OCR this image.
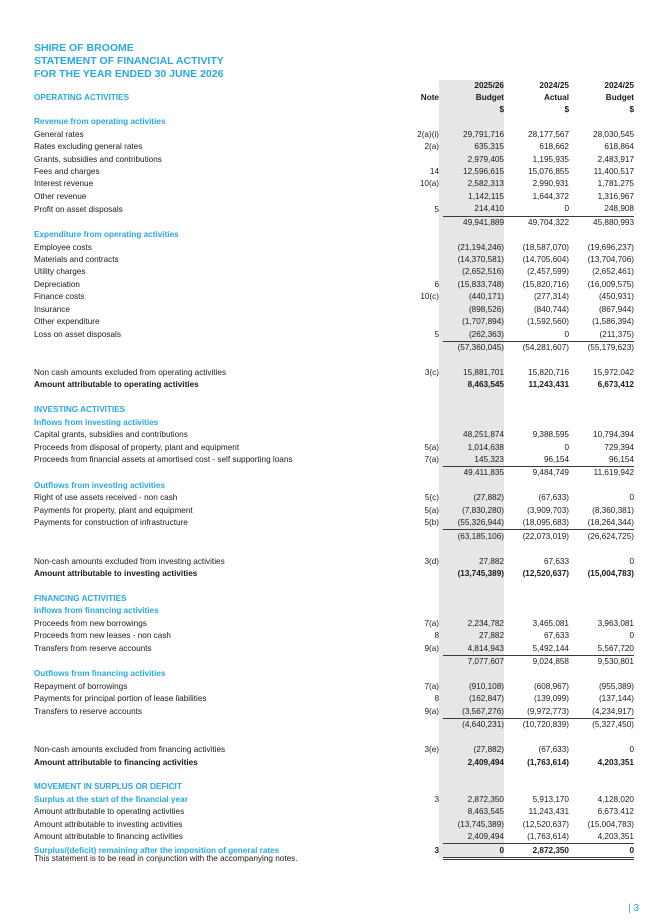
SHIRE OF BROOME
STATEMENT OF FINANCIAL ACTIVITY
FOR THE YEAR ENDED 30 JUNE 2026
			2025/26	2024/25	2024/25
OPERATING ACTIVITIES	Note		Budget	Actual	Budget
			$	$	$
Revenue from operating activities					
General rates	2(a)(i)		29,791,716	28,177,567	28,030,545
Rates excluding general rates	2(a)		635,315	618,662	618,864
Grants, subsidies and contributions			2,979,405	1,195,935	2,483,917
Fees and charges	14		12,596,615	15,076,855	11,400,517
Interest revenue	10(a)		2,582,313	2,990,931	1,781,275
Other revenue			1,142,115	1,644,372	1,316,967
Profit on asset disposals	5		214,410	0	248,908
			49,941,889	49,704,322	45,880,993
Expenditure from operating activities					
Employee costs			(21,194,246)	(18,587,070)	(19,696,237)
Materials and contracts			(14,370,581)	(14,705,604)	(13,704,706)
Utility charges			(2,652,516)	(2,457,599)	(2,652,461)
Depreciation	6		(15,833,748)	(15,820,716)	(16,009,575)
Finance costs	10(c)		(440,171)	(277,314)	(450,931)
Insurance			(898,526)	(840,744)	(867,944)
Other expenditure			(1,707,894)	(1,592,560)	(1,586,394)
Loss on asset disposals	5		(262,363)	0	(211,375)
			(57,360,045)	(54,281,607)	(55,179,623)

Non cash amounts excluded from operating activities	3(c)		15,881,701	15,820,716	15,972,042
Amount attributable to operating activities			8,463,545	11,243,431	6,673,412

INVESTING ACTIVITIES					
Inflows from investing activities					
Capital grants, subsidies and contributions			48,251,874	9,388,595	10,794,394
Proceeds from disposal of property, plant and equipment	5(a)		1,014,638	0	729,394
Proceeds from financial assets at amortised cost - self supporting loans	7(a)		145,323	96,154	96,154
			49,411,835	9,484,749	11,619,942
Outflows from investing activities					
Right of use assets received - non cash	5(c)		(27,882)	(67,633)	0
Payments for property, plant and equipment	5(a)		(7,830,280)	(3,909,703)	(8,360,381)
Payments for construction of infrastructure	5(b)		(55,326,944)	(18,095,683)	(18,264,344)
			(63,185,106)	(22,073,019)	(26,624,725)

Non-cash amounts excluded from investing activities	3(d)		27,882	67,633	0
Amount attributable to investing activities			(13,745,389)	(12,520,637)	(15,004,783)

FINANCING ACTIVITIES					
Inflows from financing activities					
Proceeds from new borrowings	7(a)		2,234,782	3,465,081	3,963,081
Proceeds from new leases - non cash	8		27,882	67,633	0
Transfers from reserve accounts	9(a)		4,814,943	5,492,144	5,567,720
			7,077,607	9,024,858	9,530,801
Outflows from financing activities					
Repayment of borrowings	7(a)		(910,108)	(608,967)	(955,389)
Payments for principal portion of lease liabilities	8		(162,847)	(139,099)	(137,144)
Transfers to reserve accounts	9(a)		(3,567,276)	(9,972,773)	(4,234,917)
			(4,640,231)	(10,720,839)	(5,327,450)

Non-cash amounts excluded from financing activities	3(e)		(27,882)	(67,633)	0
Amount attributable to financing activities			2,409,494	(1,763,614)	4,203,351

MOVEMENT IN SURPLUS OR DEFICIT					
Surplus at the start of the financial year	3		2,872,350	5,913,170	4,128,020
Amount attributable to operating activities			8,463,545	11,243,431	6,673,412
Amount attributable to investing activities			(13,745,389)	(12,520,637)	(15,004,783)
Amount attributable to financing activities			2,409,494	(1,763,614)	4,203,351
Surplus/(deficit) remaining after the imposition of general rates	3		0	2,872,350	0
This statement is to be read in conjunction with the accompanying notes.
| 3
